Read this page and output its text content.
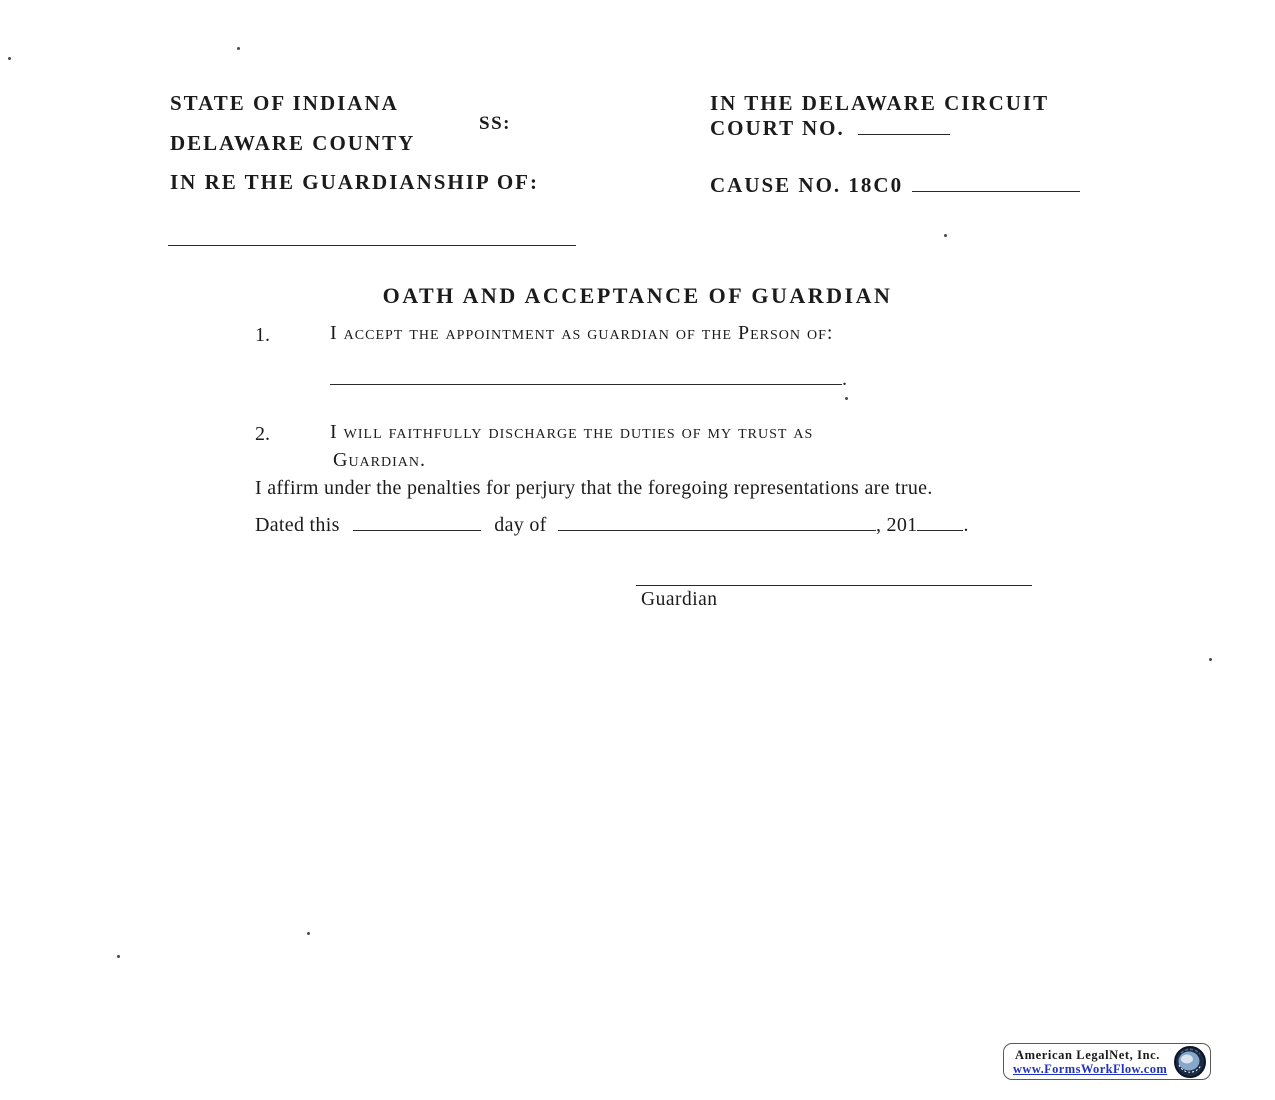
STATE OF INDIANA
SS:
DELAWARE COUNTY
IN RE THE GUARDIANSHIP OF:
IN THE DELAWARE CIRCUIT
COURT NO.
CAUSE NO. 18C0
OATH AND ACCEPTANCE OF GUARDIAN
1.	I accept the appointment as guardian of the Person of:
.
2.	I will faithfully discharge the duties of my trust as
Guardian.
I affirm under the penalties for perjury that the foregoing representations are true.
Dated this	day of	, 201 .
Guardian
American LegalNet, Inc.
www.FormsWorkFlow.com
